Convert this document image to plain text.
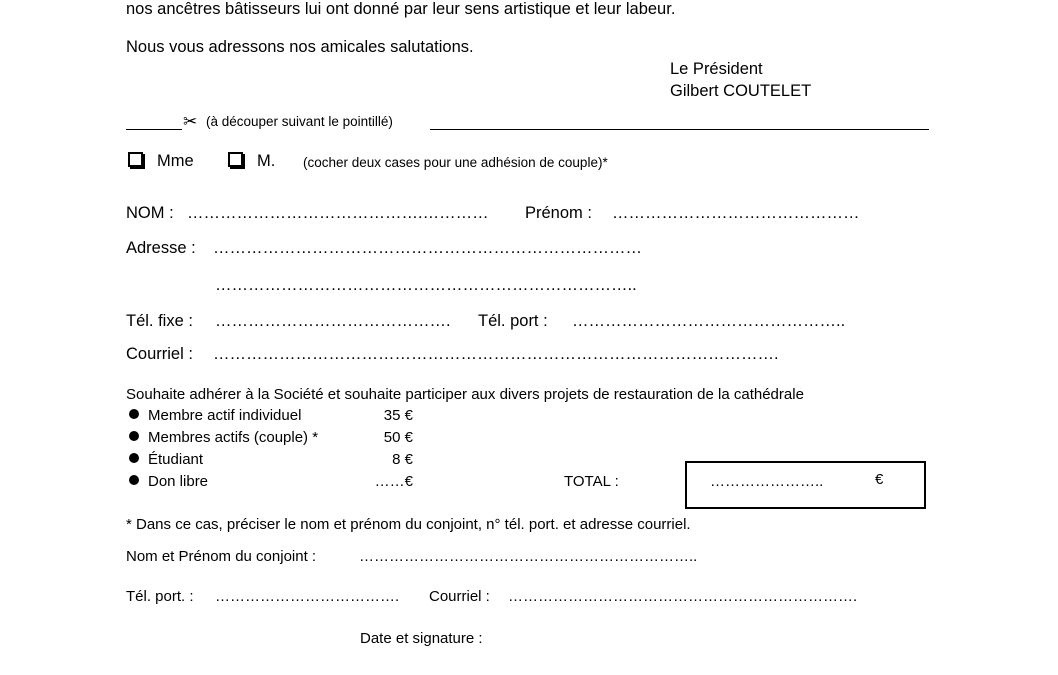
nos ancêtres bâtisseurs lui ont donné par leur sens artistique et leur labeur.
Nous vous adressons nos amicales salutations.
Le Président
Gilbert COUTELET
✂ (à découper suivant le pointillé)
Mme	M. (cocher deux cases pour une adhésion de couple)*
NOM : …………………………………….………… Prénom : ………………………………………
Adresse : ……………………………………………………………………
…………………………………………………………………..
Tél. fixe : ……………………………………. Tél. port : …………………………………………..
Courriel : ………………………………………………………………………………………….
Souhaite adhérer à la Société et souhaite participer aux divers projets de restauration de la cathédrale
Membre actif individuel	35 €
Membres actifs (couple) *	50 €
Étudiant	8 €
Don libre	……€	TOTAL :	…………………..	€
* Dans ce cas, préciser le nom et prénom du conjoint, n° tél. port. et adresse courriel.
Nom et Prénom du conjoint :	…………………………………………………………..
Tél. port. : ………………………………. Courriel : …………………………………………………………….
Date et signature :
